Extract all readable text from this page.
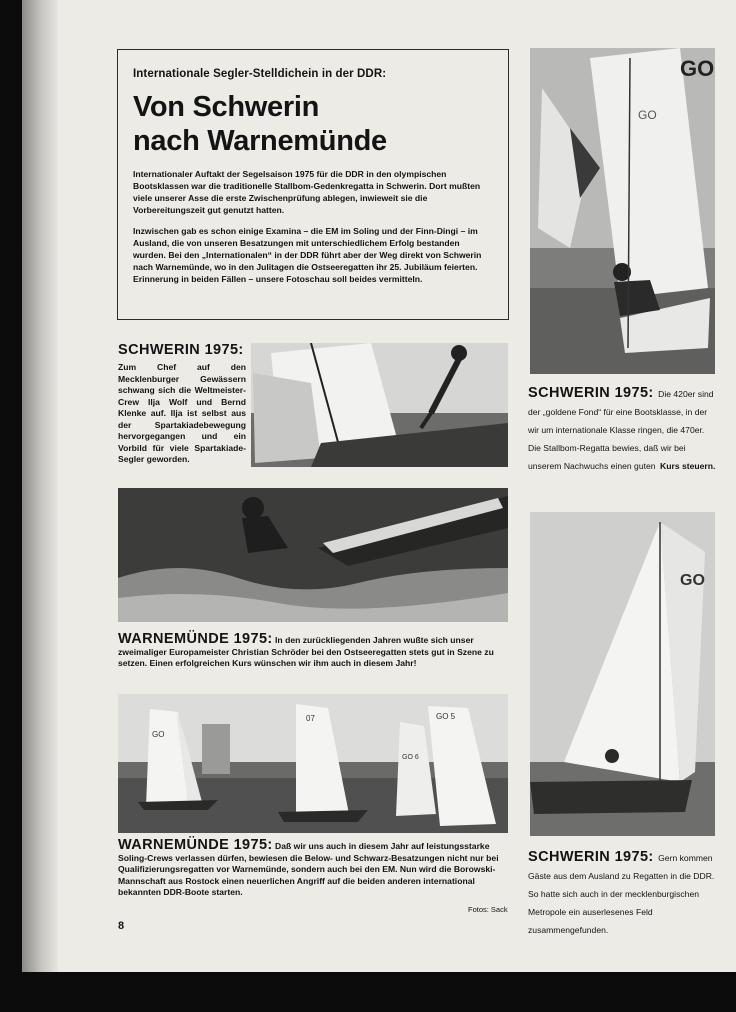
Internationale Segler-Stelldichein in der DDR:

Von Schwerin
nach Warnemünde

Internationaler Auftakt der Segelsaison 1975 für die DDR in den olympischen Bootsklassen war die traditionelle Stallbom-Gedenkregatta in Schwerin. Dort mußten viele unserer Asse die erste Zwischenprüfung ablegen, inwieweit sie die Vorbereitungszeit gut genutzt hatten.

Inzwischen gab es schon einige Examina – die EM im Soling und der Finn-Dingi – im Ausland, die von unseren Besatzungen mit unterschiedlichem Erfolg bestanden wurden. Bei den „Internationalen“ in der DDR führt aber der Weg direkt von Schwerin nach Warnemünde, wo in den Julitagen die Ostseeregatten ihr 25. Jubiläum feierten. Erinnerung in beiden Fällen – unsere Fotoschau soll beides vermitteln.

GO
GO
SCHWERIN 1975:
Zum Chef auf den Mecklenburger Gewässern schwang sich die Weltmeister-Crew Ilja Wolf und Bernd Klenke auf. Ilja ist selbst aus der Spartakiadebewegung hervorgegangen und ein Vorbild für viele Spartakiade-Segler geworden.
SCHWERIN 1975: Die 420er sind der „goldene Fond“ für eine Bootsklasse, in der wir um internationale Klasse ringen, die 470er. Die Stallbom-Regatta bewies, daß wir bei unserem Nachwuchs einen guten Kurs steuern.
WARNEMÜNDE 1975: In den zurückliegenden Jahren wußte sich unser zweimaliger Europameister Christian Schröder bei den Ostseeregatten stets gut in Szene zu setzen. Einen erfolgreichen Kurs wünschen wir ihm auch in diesem Jahr!
GO
07	GO 5
GO 6
WARNEMÜNDE 1975: Daß wir uns auch in diesem Jahr auf leistungsstarke Soling-Crews verlassen dürfen, bewiesen die Below- und Schwarz-Besatzungen nicht nur bei Qualifizierungsregatten vor Warnemünde, sondern auch bei den EM. Nun wird die Borowski-Mannschaft aus Rostock einen neuerlichen Angriff auf die beiden anderen international bekannten DDR-Boote starten.
Fotos: Sack
GO
SCHWERIN 1975: Gern kommen Gäste aus dem Ausland zu Regatten in die DDR. So hatte sich auch in der mecklenburgischen Metropole ein auserlesenes Feld zusammengefunden.
8
